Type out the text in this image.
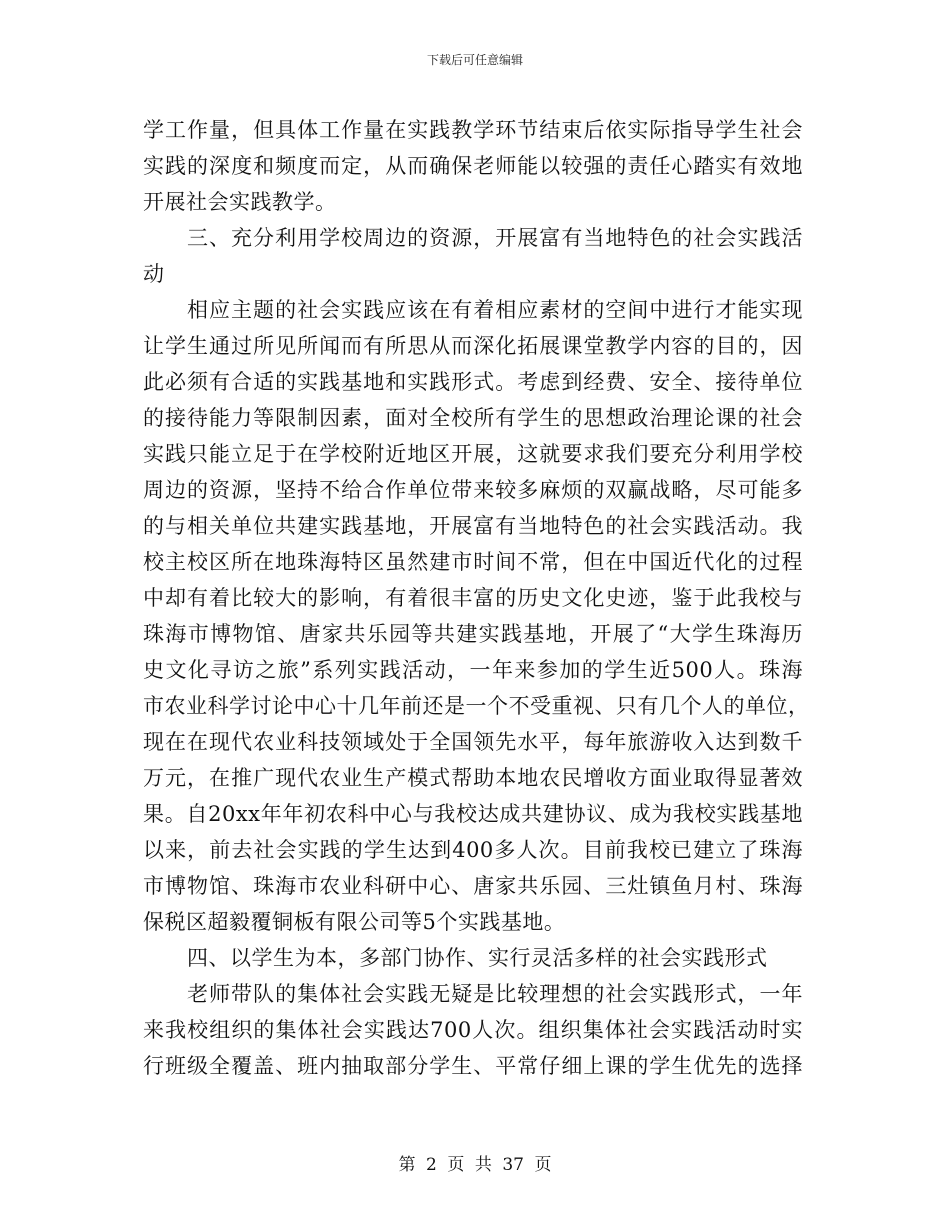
下载后可任意编辑
学工作量，但具体工作量在实践教学环节结束后依实际指导学生社会
实践的深度和频度而定，从而确保老师能以较强的责任心踏实有效地
开展社会实践教学。
三、充分利用学校周边的资源，开展富有当地特色的社会实践活
动
相应主题的社会实践应该在有着相应素材的空间中进行才能实现
让学生通过所见所闻而有所思从而深化拓展课堂教学内容的目的，因
此必须有合适的实践基地和实践形式。考虑到经费、安全、接待单位
的接待能力等限制因素，面对全校所有学生的思想政治理论课的社会
实践只能立足于在学校附近地区开展，这就要求我们要充分利用学校
周边的资源，坚持不给合作单位带来较多麻烦的双赢战略，尽可能多
的与相关单位共建实践基地，开展富有当地特色的社会实践活动。我
校主校区所在地珠海特区虽然建市时间不常，但在中国近代化的过程
中却有着比较大的影响，有着很丰富的历史文化史迹，鉴于此我校与
珠海市博物馆、唐家共乐园等共建实践基地，开展了“大学生珠海历
史文化寻访之旅”系列实践活动，一年来参加的学生近500人。珠海
市农业科学讨论中心十几年前还是一个不受重视、只有几个人的单位，
现在在现代农业科技领域处于全国领先水平，每年旅游收入达到数千
万元，在推广现代农业生产模式帮助本地农民增收方面业取得显著效
果。自20xx年年初农科中心与我校达成共建协议、成为我校实践基地
以来，前去社会实践的学生达到400多人次。目前我校已建立了珠海
市博物馆、珠海市农业科研中心、唐家共乐园、三灶镇鱼月村、珠海
保税区超毅覆铜板有限公司等5个实践基地。
四、以学生为本，多部门协作、实行灵活多样的社会实践形式
老师带队的集体社会实践无疑是比较理想的社会实践形式，一年
来我校组织的集体社会实践达700人次。组织集体社会实践活动时实
行班级全覆盖、班内抽取部分学生、平常仔细上课的学生优先的选择
第 2 页 共 37 页
